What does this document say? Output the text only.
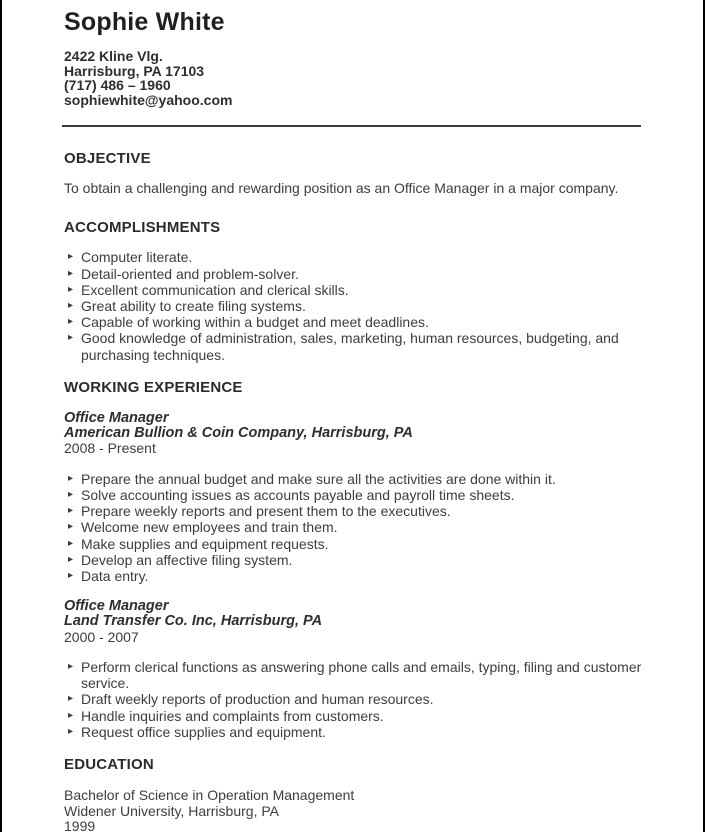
Sophie White
2422 Kline Vlg.
Harrisburg, PA 17103
(717) 486 – 1960
sophiewhite@yahoo.com
OBJECTIVE
To obtain a challenging and rewarding position as an Office Manager in a major company.
ACCOMPLISHMENTS
▸ Computer literate.
▸ Detail-oriented and problem-solver.
▸ Excellent communication and clerical skills.
▸ Great ability to create filing systems.
▸ Capable of working within a budget and meet deadlines.
▸ Good knowledge of administration, sales, marketing, human resources, budgeting, and purchasing techniques.
WORKING EXPERIENCE
Office Manager
American Bullion & Coin Company, Harrisburg, PA
2008 - Present
▸ Prepare the annual budget and make sure all the activities are done within it.
▸ Solve accounting issues as accounts payable and payroll time sheets.
▸ Prepare weekly reports and present them to the executives.
▸ Welcome new employees and train them.
▸ Make supplies and equipment requests.
▸ Develop an affective filing system.
▸ Data entry.
Office Manager
Land Transfer Co. Inc, Harrisburg, PA
2000 - 2007
▸ Perform clerical functions as answering phone calls and emails, typing, filing and customer service.
▸ Draft weekly reports of production and human resources.
▸ Handle inquiries and complaints from customers.
▸ Request office supplies and equipment.
EDUCATION
Bachelor of Science in Operation Management
Widener University, Harrisburg, PA
1999
